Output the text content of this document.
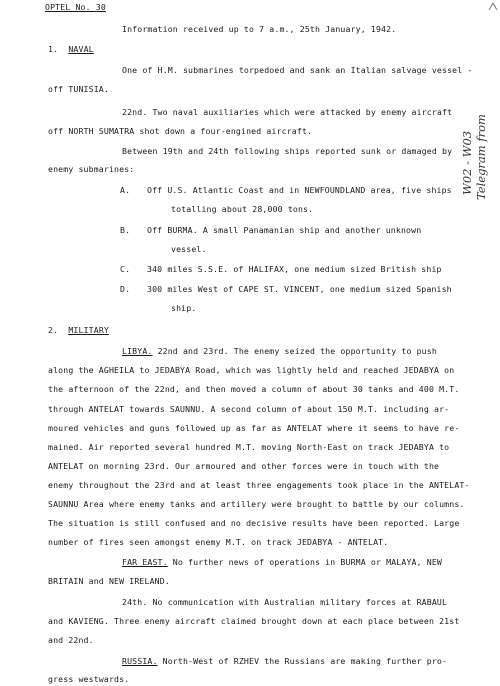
OPTEL No. 30
Information received up to 7 a.m., 25th January, 1942.
1. NAVAL
One of H.M. submarines torpedoed and sank an Italian salvage vessel -
off TUNISIA.
22nd. Two naval auxiliaries which were attacked by enemy aircraft
off NORTH SUMATRA shot down a four-engined aircraft.
Between 19th and 24th following ships reported sunk or damaged by
enemy submarines:
A. Off U.S. Atlantic Coast and in NEWFOUNDLAND area, five ships
totalling about 28,000 tons.
B. Off BURMA. A small Panamanian ship and another unknown
vessel.
C. 340 miles S.S.E. of HALIFAX, one medium sized British ship
D. 300 miles West of CAPE ST. VINCENT, one medium sized Spanish
ship.
2. MILITARY
LIBYA. 22nd and 23rd. The enemy seized the opportunity to push
along the AGHEILA to JEDABYA Road, which was lightly held and reached JEDABYA on
the afternoon of the 22nd, and then moved a column of about 30 tanks and 400 M.T.
through ANTELAT towards SAUNNU. A second column of about 150 M.T. including ar-
moured vehicles and guns followed up as far as ANTELAT where it seems to have re-
mained. Air reported several hundred M.T. moving North-East on track JEDABYA to
ANTELAT on morning 23rd. Our armoured and other forces were in touch with the
enemy throughout the 23rd and at least three engagements took place in the ANTELAT-
SAUNNU Area where enemy tanks and artillery were brought to battle by our columns.
The situation is still confused and no decisive results have been reported. Large
number of fires seen amongst enemy M.T. on track JEDABYA - ANTELAT.
FAR EAST. No further news of operations in BURMA or MALAYA, NEW
BRITAIN and NEW IRELAND.
24th. No communication with Australian military forces at RABAUL
and KAVIENG. Three enemy aircraft claimed brought down at each place between 21st
and 22nd.
RUSSIA. North-West of RZHEV the Russians are making further pro-
gress westwards.
Telegram from
W02 - W03
